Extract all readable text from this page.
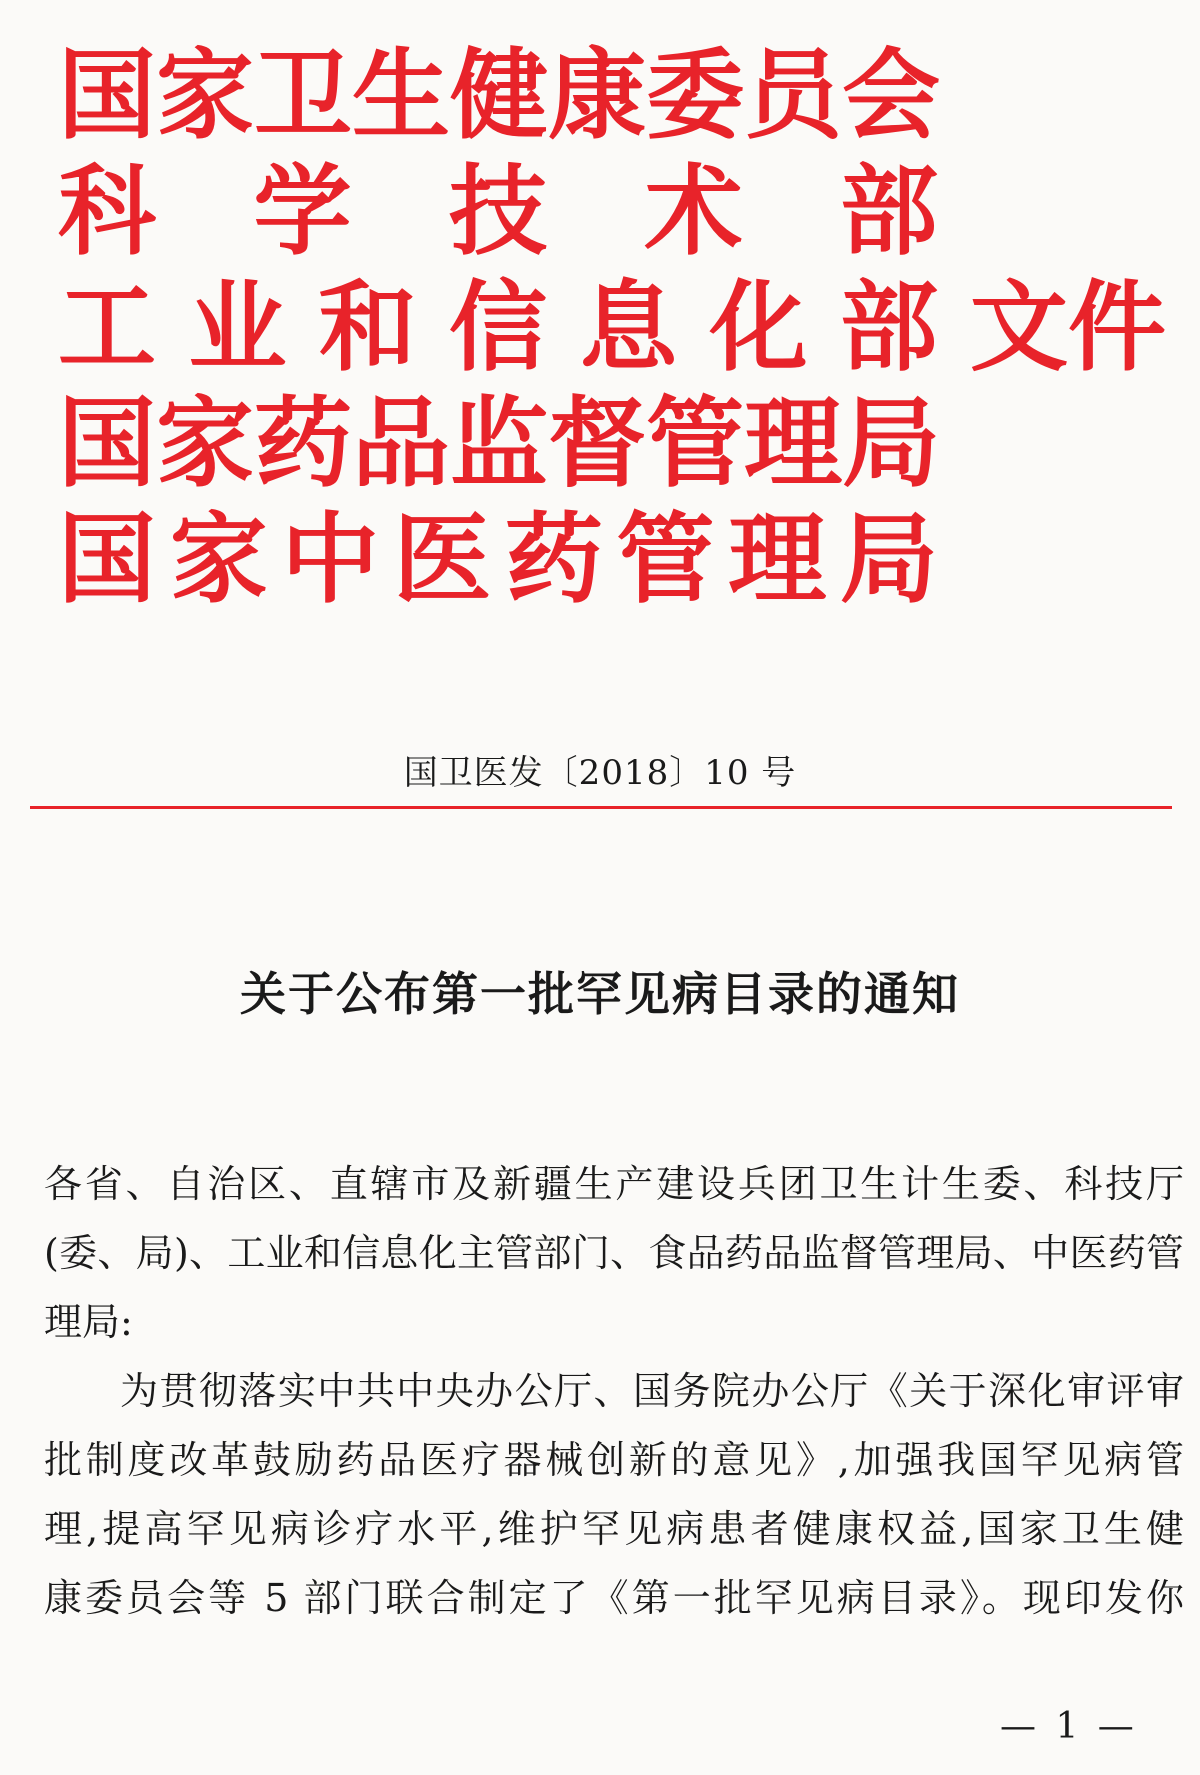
国 家 卫 生 健 康 委 员 会
科 学 技 术 部
工 业 和 信 息 化 部 文件
国 家 药 品 监 督 管 理 局
国 家 中 医 药 管 理 局
国卫医发〔2018〕10 号
关于公布第一批罕见病目录的通知

各省、自治区、直辖市及新疆生产建设兵团卫生计生委、科技厅
(委、局)、工业和信息化主管部门、食品药品监督管理局、中医药管
理局:

为贯彻落实中共中央办公厅、国务院办公厅《关于深化审评审
批制度改革鼓励药品医疗器械创新的意见》,加强我国罕见病管
理,提高罕见病诊疗水平,维护罕见病患者健康权益,国家卫生健
康委员会等 5 部门联合制定了《第一批罕见病目录》。现印发你

— 1 —
